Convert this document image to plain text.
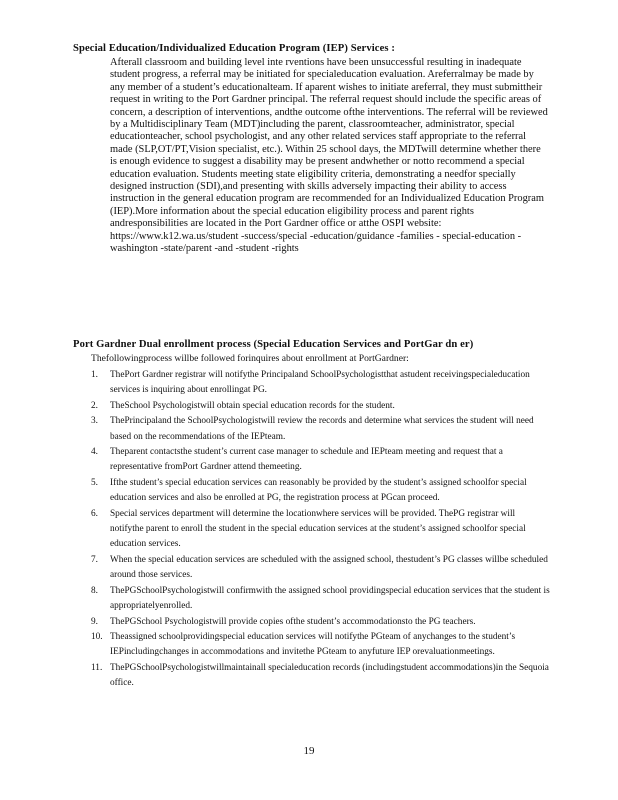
Special Education/Individualized Education Program (IEP) Services :
Afterall classroom and building level inte rventions have been unsuccessful resulting in inadequate student progress, a referral may be initiated for specialeducation evaluation. Areferralmay be made by any member of a student’s educationalteam. If aparent wishes to initiate areferral, they must submittheir request in writing to the Port Gardner principal. The referral request should include the specific areas of concern, a description of interventions, andthe outcome ofthe interventions. The referral will be reviewed by a Multidisciplinary Team (MDT)including the parent, classroomteacher, administrator, special educationteacher, school psychologist, and any other related services staff appropriate to the referral made (SLP,OT/PT,Vision specialist, etc.). Within 25 school days, the MDTwill determine whether there is enough evidence to suggest a disability may be present andwhether or notto recommend a special education evaluation. Students meeting state eligibility criteria, demonstrating a needfor specially designed instruction (SDI),and presenting with skills adversely impacting their ability to access instruction in the general education program are recommended for an Individualized Education Program (IEP).More information about the special education eligibility process and parent rights andresponsibilities are located in the Port Gardner office or atthe OSPI website: https://www.k12.wa.us/student -success/special -education/guidance -families - special-education -washington -state/parent -and -student -rights
Port Gardner Dual enrollment process (Special Education Services and PortGar dn er)
Thefollowingprocess willbe followed forinquires about enrollment at PortGardner:
1.	ThePort Gardner registrar will notifythe Principaland SchoolPsychologistthat astudent receivingspecialeducation services is inquiring about enrollingat PG.
2.	TheSchool Psychologistwill obtain special education records for the student.
3.	ThePrincipaland the SchoolPsychologistwill review the records and determine what services the student will need based on the recommendations of the IEPteam.
4.	Theparent contactsthe student’s current case manager to schedule and IEPteam meeting and request that a representative fromPort Gardner attend themeeting.
5.	Ifthe student’s special education services can reasonably be provided by the student’s assigned schoolfor special education services and also be enrolled at PG, the registration process at PGcan proceed.
6.	Special services department will determine the locationwhere services will be provided. ThePG registrar will notifythe parent to enroll the student in the special education services at the student’s assigned schoolfor special education services.
7.	When the special education services are scheduled with the assigned school, thestudent’s PG classes willbe scheduled around those services.
8.	ThePGSchoolPsychologistwill confirmwith the assigned school providingspecial education services that the student is appropriatelyenrolled.
9.	ThePGSchool Psychologistwill provide copies ofthe student’s accommodationsto the PG teachers.
10. Theassigned schoolprovidingspecial education services will notifythe PGteam of anychanges to the student’s IEPincludingchanges in accommodations and invitethe PGteam to anyfuture IEP orevaluationmeetings.
11. ThePGSchoolPsychologistwillmaintainall specialeducation records (includingstudent accommodations)in the Sequoia office.
19
